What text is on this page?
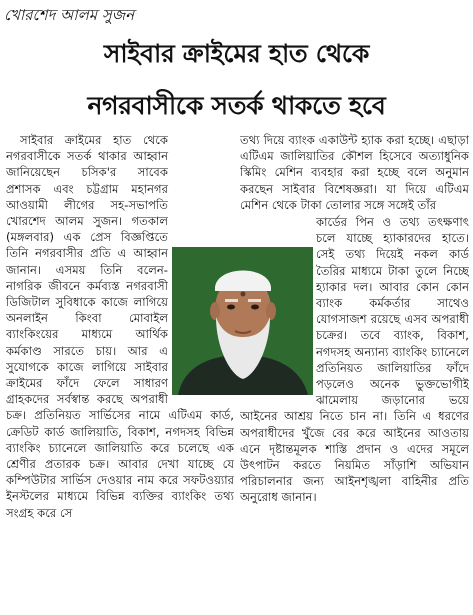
খোরশেদ আলম সুজন
সাইবার ক্রাইমের হাত থেকে
নগরবাসীকে সতর্ক থাকতে হবে

সাইবার ক্রাইমের হাত থেকে নগরবাসীকে সতর্ক থাকার আহ্বান জানিয়েছেন চসিক'র সাবেক প্রশাসক এবং চট্টগ্রাম মহানগর আওয়ামী লীগের সহ-সভাপতি খোরশেদ আলম সুজন। গতকাল (মঙ্গলবার) এক প্রেস বিজ্ঞপ্তিতে তিনি নগরবাসীর প্রতি এ আহ্বান জানান। এসময় তিনি বলেন- নাগরিক জীবনে কর্মব্যস্ত নগরবাসী ডিজিটাল সুবিধাকে কাজে লাগিয়ে অনলাইন কিংবা মোবাইল ব্যাংকিংয়ের মাধ্যমে আর্থিক কর্মকাণ্ড সারতে চায়। আর এ সুযোগকে কাজে লাগিয়ে সাইবার ক্রাইমের ফাঁদে ফেলে সাধারণ গ্রাহকদের সর্বস্বান্ত করছে অপরাধী চক্র। প্রতিনিয়ত সার্ভিসের নামে এটিএম কার্ড, ক্রেডিট কার্ড জালিয়াতি, বিকাশ, নগদসহ বিভিন্ন ব্যাংকিং চ্যানেলে জালিয়াতি করে চলেছে এক শ্রেণীর প্রতারক চক্র। আবার দেখা যাচ্ছে যে কম্পিউটার সার্ভিস দেওয়ার নাম করে সফটওয়্যার ইনস্টলের মাধ্যমে বিভিন্ন ব্যক্তির ব্যাংকিং তথ্য সংগ্রহ করে সে

তথ্য দিয়ে ব্যাংক একাউন্ট হ্যাক করা হচ্ছে। এছাড়া এটিএম জালিয়াতির কৌশল হিসেবে অত্যাধুনিক স্কিমিং মেশিন ব্যবহার করা হচ্ছে বলে অনুমান করছেন সাইবার বিশেষজ্ঞরা। যা দিয়ে এটিএম মেশিন থেকে টাকা তোলার সঙ্গে সঙ্গেই তাঁর

কার্ডের পিন ও তথ্য তৎক্ষণাৎ চলে যাচ্ছে হ্যাকারদের হাতে। সেই তথ্য দিয়েই নকল কার্ড তৈরির মাধ্যমে টাকা তুলে নিচ্ছে হ্যাকার দল। আবার কোন কোন ব্যাংক কর্মকর্তার সাথেও যোগসাজশ রয়েছে এসব অপরাধী চক্রের। তবে ব্যাংক, বিকাশ, নগদসহ অন্যান্য ব্যাংকিং চ্যানেলে প্রতিনিয়ত জালিয়াতির ফাঁদে পড়লেও অনেক ভুক্তভোগীই ঝামেলায় জড়ানোর ভয়ে আইনের আশ্রয় নিতে চান না। তিনি এ ধরণের অপরাধীদের খুঁজে বের করে আইনের আওতায় এনে দৃষ্টান্তমূলক শাস্তি প্রদান ও এদের সমূলে উৎপাটন করতে নিয়মিত সাঁড়াশি অভিযান পরিচালনার জন্য আইনশৃঙ্খলা বাহিনীর প্রতি অনুরোধ জানান।
